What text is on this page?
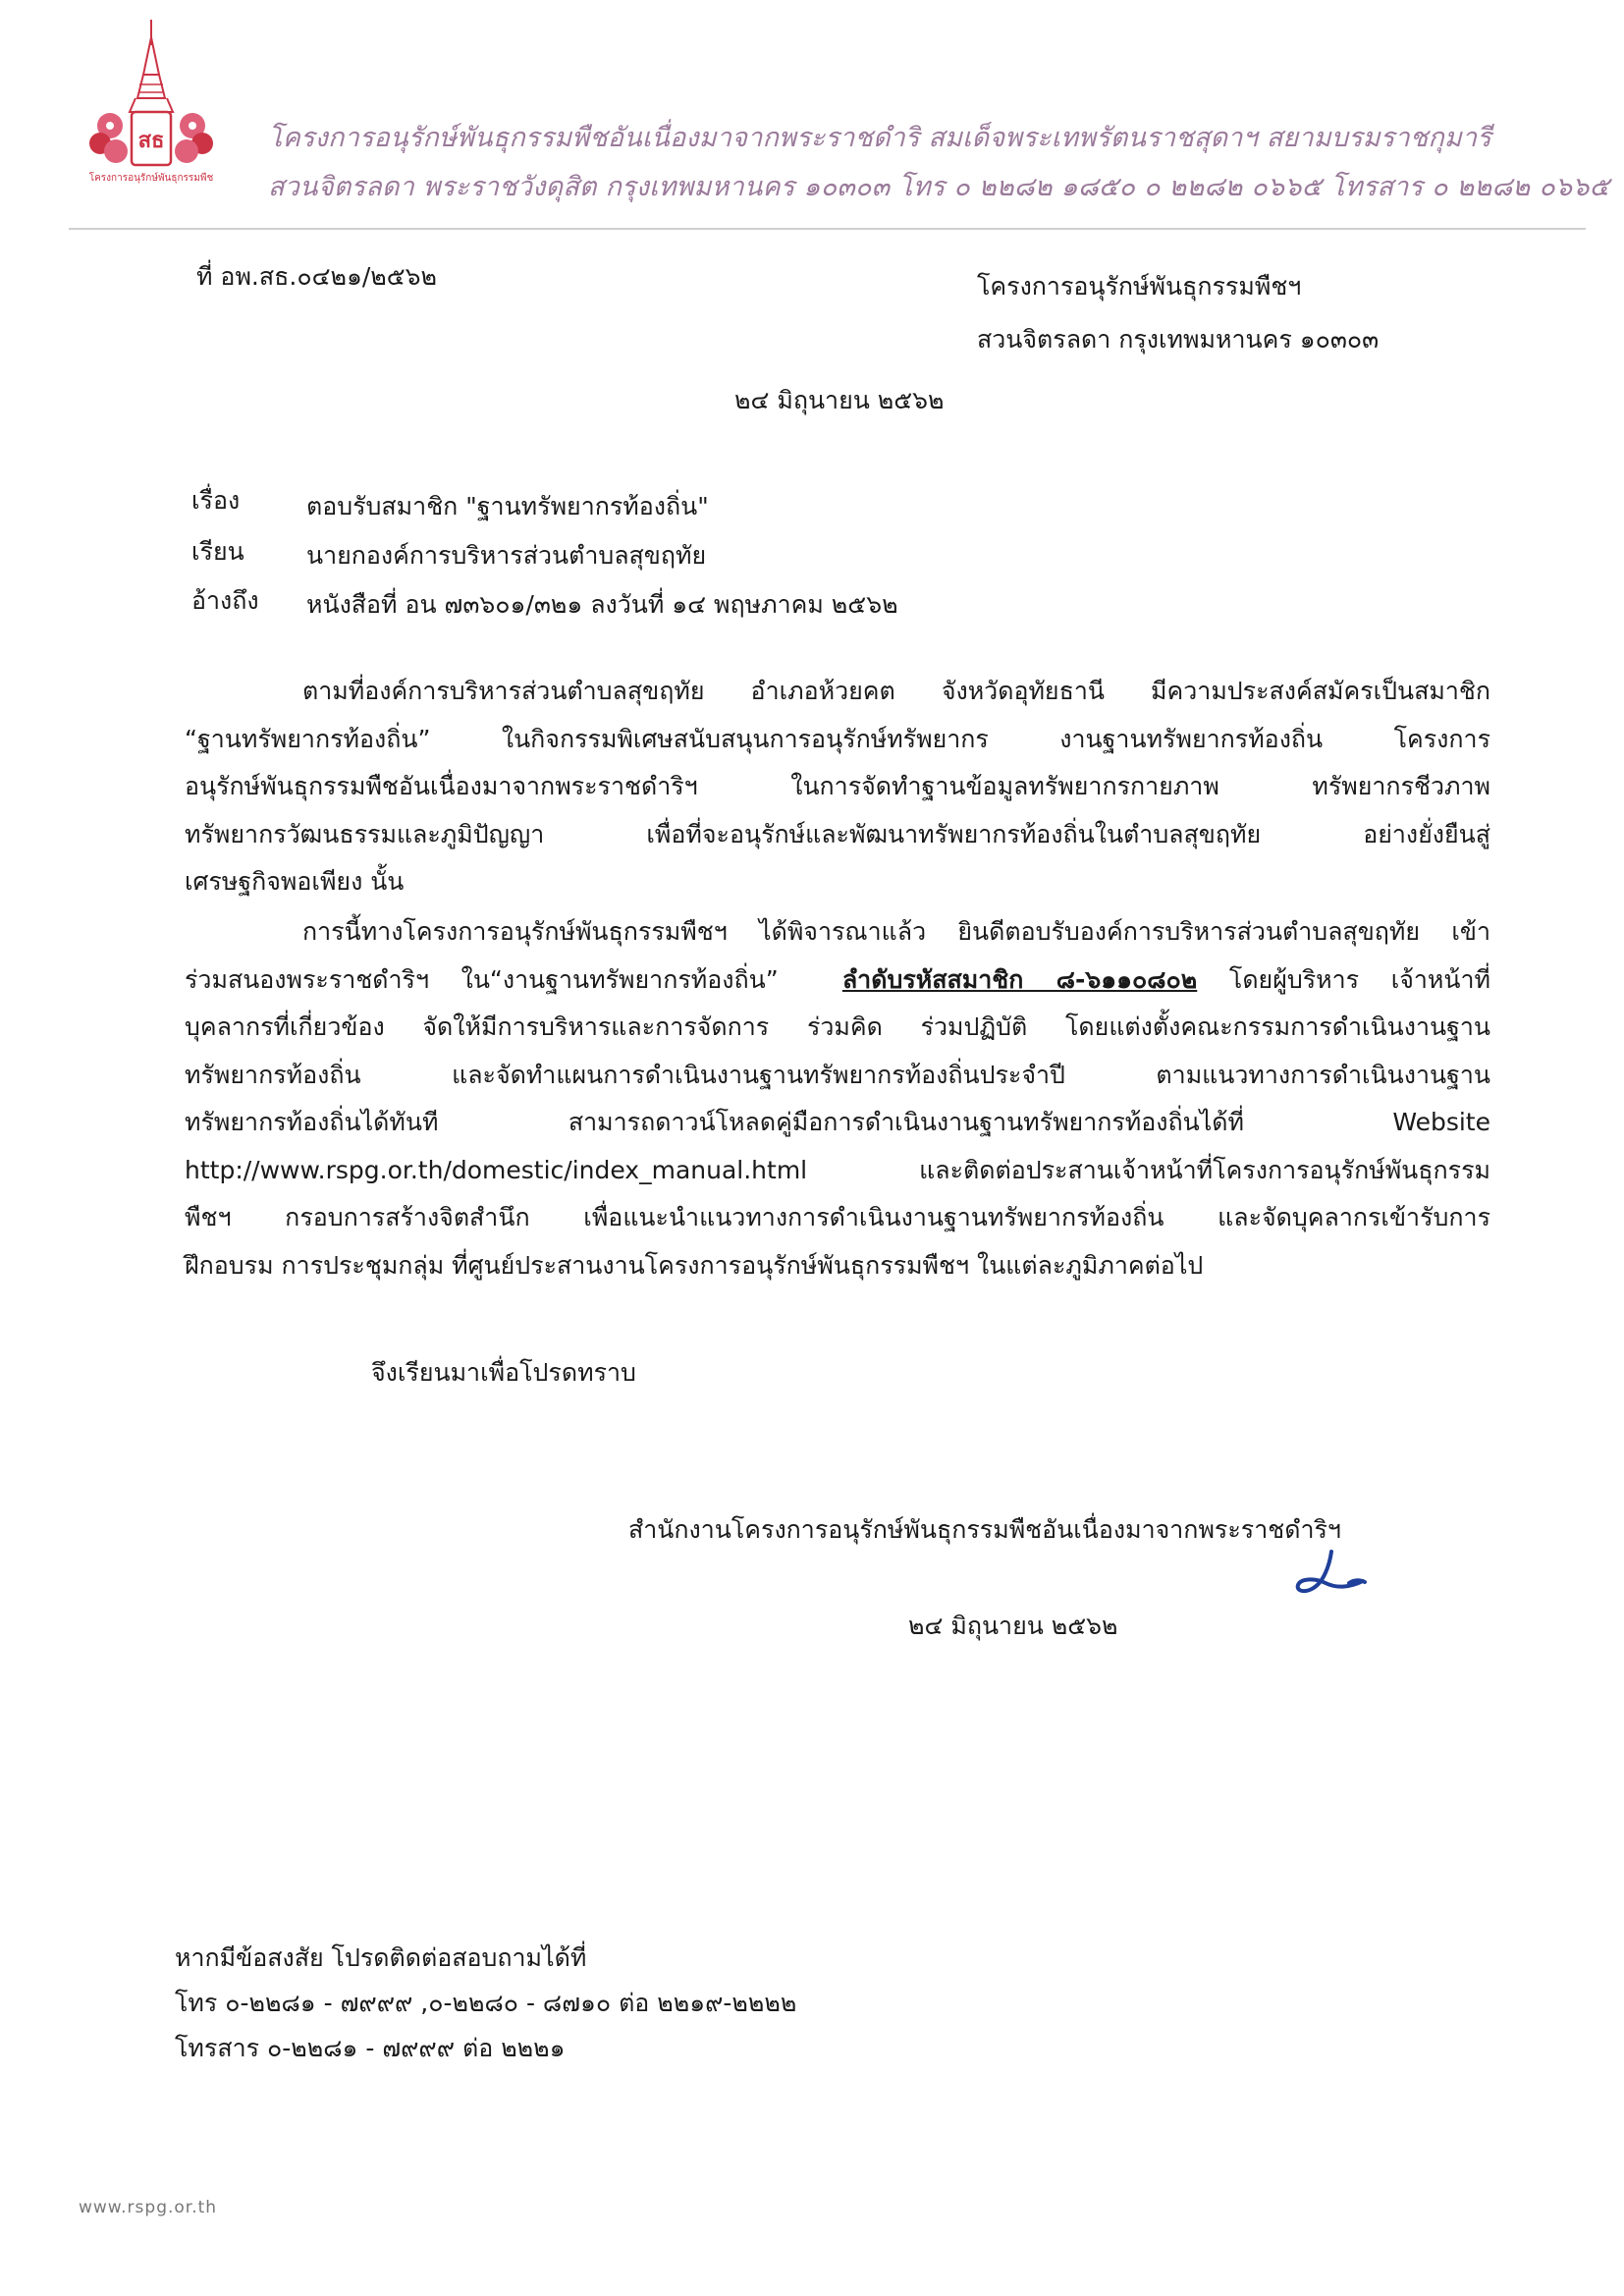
สธ
โครงการอนุรักษ์พันธุกรรมพืช
โครงการอนุรักษ์พันธุกรรมพืชอันเนื่องมาจากพระราชดำริ สมเด็จพระเทพรัตนราชสุดาฯ สยามบรมราชกุมารี
สวนจิตรลดา พระราชวังดุสิต กรุงเทพมหานคร ๑๐๓๐๓ โทร ๐ ๒๒๘๒ ๑๘๕๐ ๐ ๒๒๘๒ ๐๖๖๕ โทรสาร ๐ ๒๒๘๒ ๐๖๖๕
ที่ อพ.สธ.๐๔๒๑/๒๕๖๒	โครงการอนุรักษ์พันธุกรรมพืชฯ
สวนจิตรลดา กรุงเทพมหานคร ๑๐๓๐๓
๒๔ มิถุนายน ๒๕๖๒
เรื่อง	ตอบรับสมาชิก "ฐานทรัพยากรท้องถิ่น"
เรียน	นายกองค์การบริหารส่วนตำบลสุขฤทัย
อ้างถึง หนังสือที่ อน ๗๓๖๐๑/๓๒๑ ลงวันที่ ๑๔ พฤษภาคม ๒๕๖๒
ตามที่องค์การบริหารส่วนตำบลสุขฤทัย อำเภอห้วยคต จังหวัดอุทัยธานี มีความประสงค์สมัครเป็นสมาชิก
“ฐานทรัพยากรท้องถิ่น” ในกิจกรรมพิเศษสนับสนุนการอนุรักษ์ทรัพยากร งานฐานทรัพยากรท้องถิ่น โครงการ
อนุรักษ์พันธุกรรมพืชอันเนื่องมาจากพระราชดำริฯ ในการจัดทำฐานข้อมูลทรัพยากรกายภาพ ทรัพยากรชีวภาพ
ทรัพยากรวัฒนธรรมและภูมิปัญญา เพื่อที่จะอนุรักษ์และพัฒนาทรัพยากรท้องถิ่นในตำบลสุขฤทัย อย่างยั่งยืนสู่
เศรษฐกิจพอเพียง นั้น
การนี้ทางโครงการอนุรักษ์พันธุกรรมพืชฯ ได้พิจารณาแล้ว ยินดีตอบรับองค์การบริหารส่วนตำบลสุขฤทัย เข้า
ร่วมสนองพระราชดำริฯ ใน“งานฐานทรัพยากรท้องถิ่น”	ลำดับรหัสสมาชิก ๘-๖๑๑๐๘๐๒ โดยผู้บริหาร เจ้าหน้าที่
บุคลากรที่เกี่ยวข้อง จัดให้มีการบริหารและการจัดการ ร่วมคิด ร่วมปฏิบัติ โดยแต่งตั้งคณะกรรมการดำเนินงานฐาน
ทรัพยากรท้องถิ่น และจัดทำแผนการดำเนินงานฐานทรัพยากรท้องถิ่นประจำปี ตามแนวทางการดำเนินงานฐาน
ทรัพยากรท้องถิ่นได้ทันที	สามารถดาวน์โหลดคู่มือการดำเนินงานฐานทรัพยากรท้องถิ่นได้ที่	Website
http://www.rspg.or.th/domestic/index_manual.html และติดต่อประสานเจ้าหน้าที่โครงการอนุรักษ์พันธุกรรม
พืชฯ กรอบการสร้างจิตสำนึก เพื่อแนะนำแนวทางการดำเนินงานฐานทรัพยากรท้องถิ่น และจัดบุคลากรเข้ารับการ
ฝึกอบรม การประชุมกลุ่ม ที่ศูนย์ประสานงานโครงการอนุรักษ์พันธุกรรมพืชฯ ในแต่ละภูมิภาคต่อไป
จึงเรียนมาเพื่อโปรดทราบ
สำนักงานโครงการอนุรักษ์พันธุกรรมพืชอันเนื่องมาจากพระราชดำริฯ
๒๔ มิถุนายน ๒๕๖๒
หากมีข้อสงสัย โปรดติดต่อสอบถามได้ที่
โทร ๐-๒๒๘๑ - ๗๙๙๙ ,๐-๒๒๘๐ - ๘๗๑๐ ต่อ ๒๒๑๙-๒๒๒๒
โทรสาร ๐-๒๒๘๑ - ๗๙๙๙ ต่อ ๒๒๒๑
www.rspg.or.th
